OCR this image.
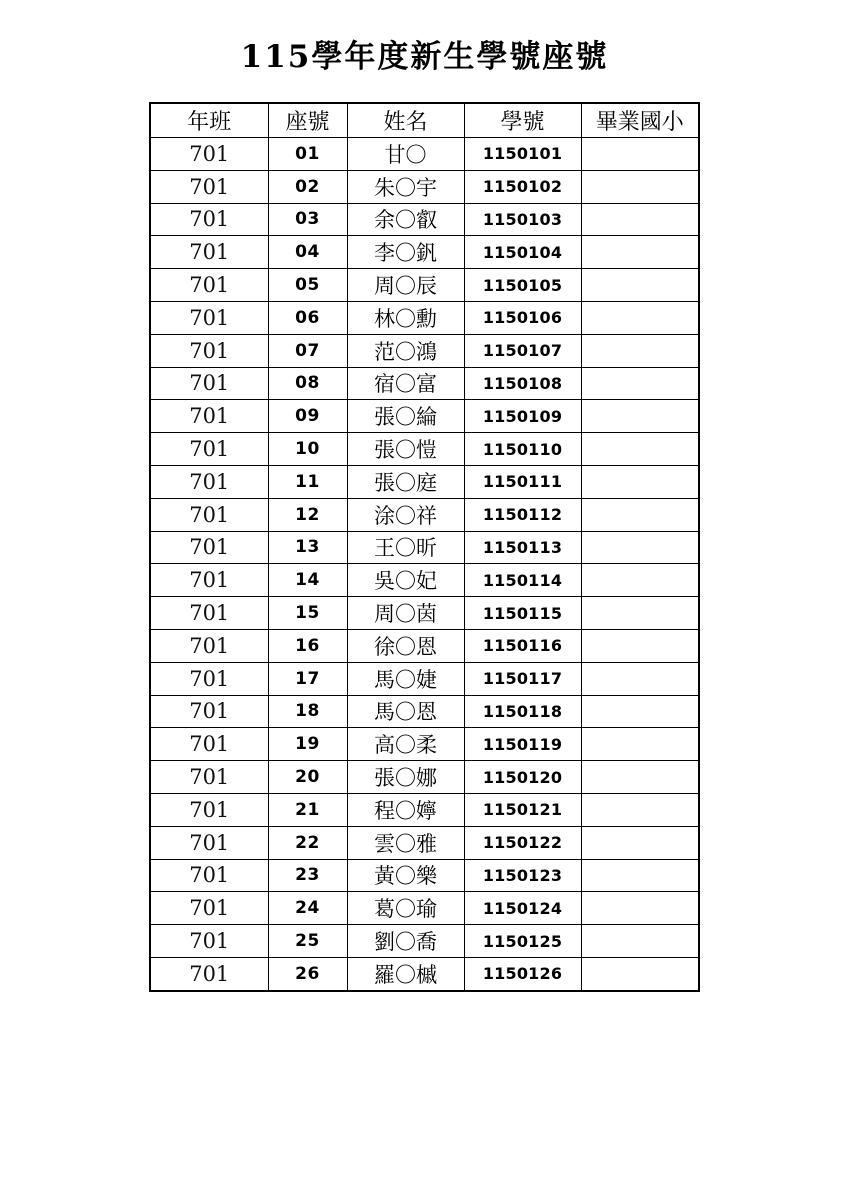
115學年度新生學號座號
年班	座號	姓名	學號	畢業國小
701	01	甘〇	1150101	
701	02	朱〇宇	1150102	
701	03	余〇叡	1150103	
701	04	李〇釩	1150104	
701	05	周〇辰	1150105	
701	06	林〇勳	1150106	
701	07	范〇鴻	1150107	
701	08	宿〇富	1150108	
701	09	張〇綸	1150109	
701	10	張〇愷	1150110	
701	11	張〇庭	1150111	
701	12	涂〇祥	1150112	
701	13	王〇昕	1150113	
701	14	吳〇妃	1150114	
701	15	周〇茵	1150115	
701	16	徐〇恩	1150116	
701	17	馬〇婕	1150117	
701	18	馬〇恩	1150118	
701	19	高〇柔	1150119	
701	20	張〇娜	1150120	
701	21	程〇嬣	1150121	
701	22	雲〇雅	1150122	
701	23	黃〇樂	1150123	
701	24	葛〇瑜	1150124	
701	25	劉〇喬	1150125	
701	26	羅〇槭	1150126	
